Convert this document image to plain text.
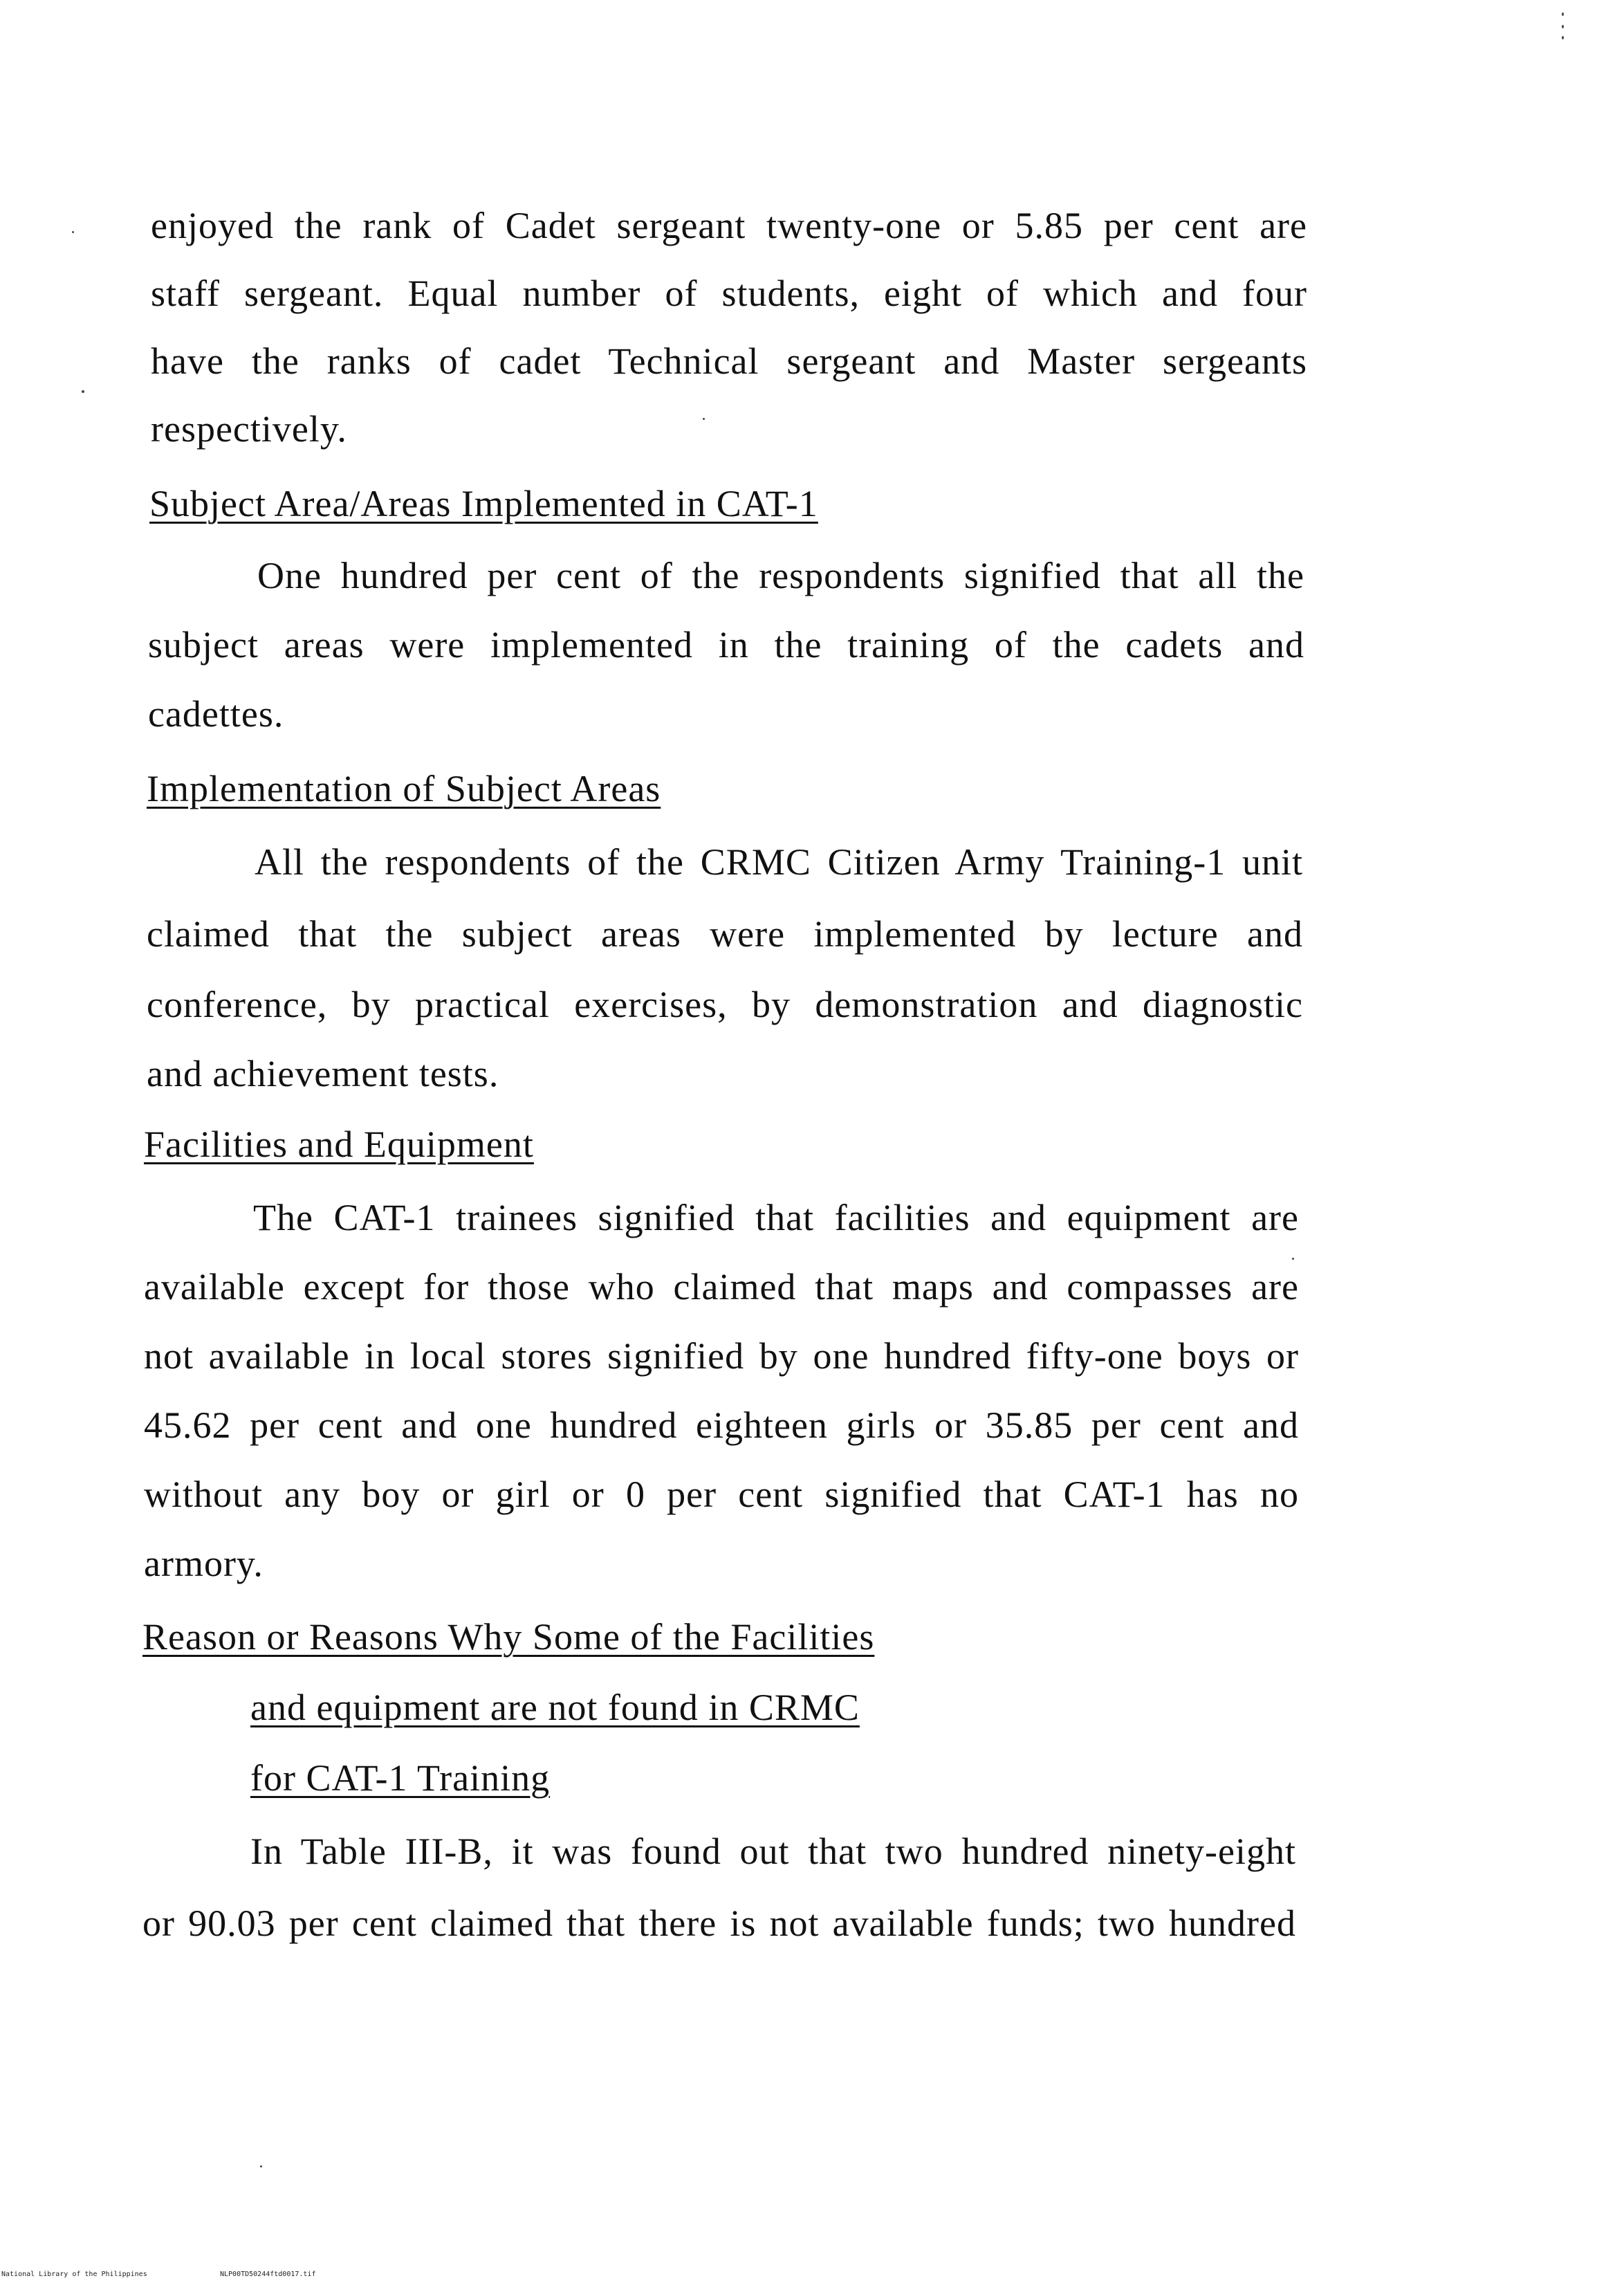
enjoyed the rank of Cadet sergeant twenty-one or 5.85 per cent are
staff sergeant. Equal number of students, eight of which and four
have the ranks of cadet Technical sergeant and Master sergeants
respectively.
Subject Area/Areas Implemented in CAT-1
One hundred per cent of the respondents signified that all the
subject areas were implemented in the training of the cadets and
cadettes.
Implementation of Subject Areas
All the respondents of the CRMC Citizen Army Training-1 unit
claimed that the subject areas were implemented by lecture and
conference, by practical exercises, by demonstration and diagnostic
and achievement tests.
Facilities and Equipment
The CAT-1 trainees signified that facilities and equipment are
available except for those who claimed that maps and compasses are
not available in local stores signified by one hundred fifty-one boys or
45.62 per cent and one hundred eighteen girls or 35.85 per cent and
without any boy or girl or 0 per cent signified that CAT-1 has no
armory.
Reason or Reasons Why Some of the Facilities
and equipment are not found in CRMC
for CAT-1 Training
In Table III-B, it was found out that two hundred ninety-eight
or 90.03 per cent claimed that there is not available funds; two hundred
National Library of the Philippines	NLP00TD50244ftd0017.tif
